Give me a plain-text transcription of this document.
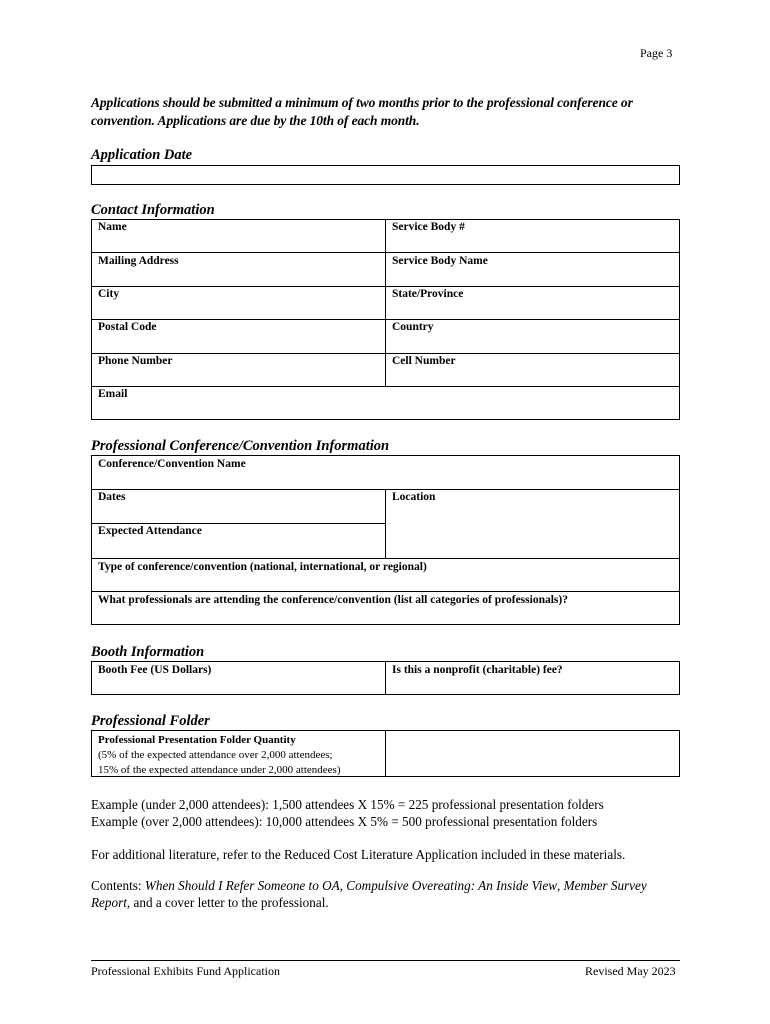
Page 3
Applications should be submitted a minimum of two months prior to the professional conference or convention. Applications are due by the 10th of each month.
Application Date
Contact Information
Name	Service Body #
Mailing Address	Service Body Name
City	State/Province
Postal Code	Country
Phone Number	Cell Number
Email
Professional Conference/Convention Information
Conference/Convention Name
Dates	Location
Expected Attendance
Type of conference/convention (national, international, or regional)
What professionals are attending the conference/convention (list all categories of professionals)?
Booth Information
Booth Fee (US Dollars)	Is this a nonprofit (charitable) fee?
Professional Folder
Professional Presentation Folder Quantity
(5% of the expected attendance over 2,000 attendees;
15% of the expected attendance under 2,000 attendees)
Example (under 2,000 attendees): 1,500 attendees X 15% = 225 professional presentation folders
Example (over 2,000 attendees): 10,000 attendees X 5% = 500 professional presentation folders
For additional literature, refer to the Reduced Cost Literature Application included in these materials.
Contents: When Should I Refer Someone to OA, Compulsive Overeating: An Inside View, Member Survey Report, and a cover letter to the professional.
Professional Exhibits Fund Application	Revised May 2023
